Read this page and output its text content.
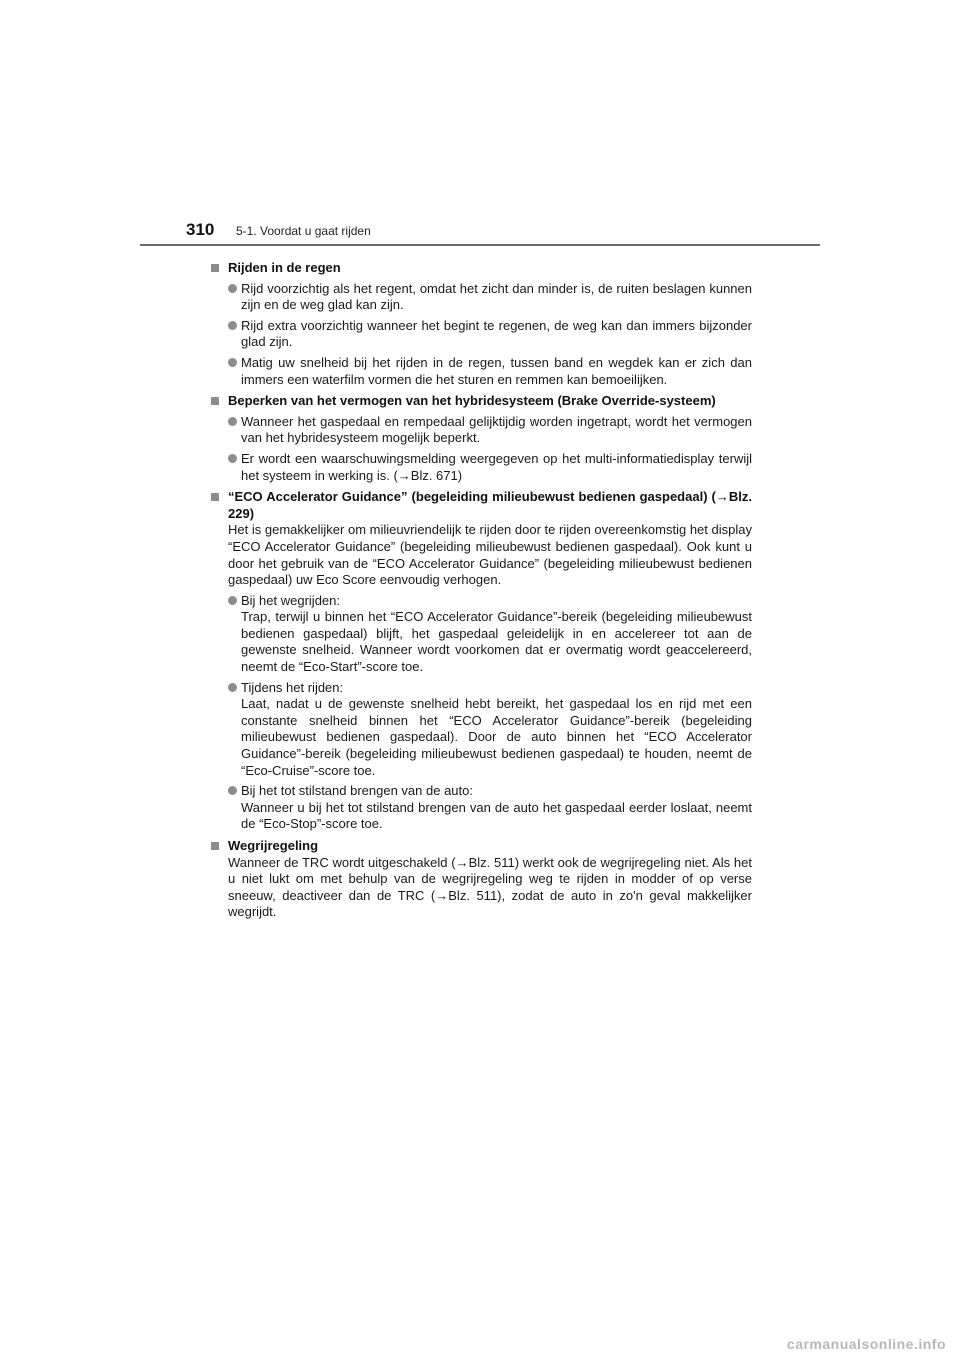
310 5-1. Voordat u gaat rijden
Rijden in de regen
Rijd voorzichtig als het regent, omdat het zicht dan minder is, de ruiten beslagen kunnen zijn en de weg glad kan zijn.
Rijd extra voorzichtig wanneer het begint te regenen, de weg kan dan immers bijzonder glad zijn.
Matig uw snelheid bij het rijden in de regen, tussen band en wegdek kan er zich dan immers een waterfilm vormen die het sturen en remmen kan bemoeilijken.
Beperken van het vermogen van het hybridesysteem (Brake Override-systeem)
Wanneer het gaspedaal en rempedaal gelijktijdig worden ingetrapt, wordt het vermogen van het hybridesysteem mogelijk beperkt.
Er wordt een waarschuwingsmelding weergegeven op het multi-informatiedisplay terwijl het systeem in werking is. (→Blz. 671)
“ECO Accelerator Guidance” (begeleiding milieubewust bedienen gaspedaal) (→Blz. 229)
Het is gemakkelijker om milieuvriendelijk te rijden door te rijden overeenkomstig het display “ECO Accelerator Guidance” (begeleiding milieubewust bedienen gaspedaal). Ook kunt u door het gebruik van de “ECO Accelerator Guidance” (begeleiding milieubewust bedienen gaspedaal) uw Eco Score eenvoudig verhogen.
Bij het wegrijden:
Trap, terwijl u binnen het “ECO Accelerator Guidance”-bereik (begeleiding milieubewust bedienen gaspedaal) blijft, het gaspedaal geleidelijk in en accelereer tot aan de gewenste snelheid. Wanneer wordt voorkomen dat er overmatig wordt geaccelereerd, neemt de “Eco-Start”-score toe.
Tijdens het rijden:
Laat, nadat u de gewenste snelheid hebt bereikt, het gaspedaal los en rijd met een constante snelheid binnen het “ECO Accelerator Guidance”-bereik (begeleiding milieubewust bedienen gaspedaal). Door de auto binnen het “ECO Accelerator Guidance”-bereik (begeleiding milieubewust bedienen gaspedaal) te houden, neemt de “Eco-Cruise”-score toe.
Bij het tot stilstand brengen van de auto:
Wanneer u bij het tot stilstand brengen van de auto het gaspedaal eerder loslaat, neemt de “Eco-Stop”-score toe.
Wegrijregeling
Wanneer de TRC wordt uitgeschakeld (→Blz. 511) werkt ook de wegrijregeling niet. Als het u niet lukt om met behulp van de wegrijregeling weg te rijden in modder of op verse sneeuw, deactiveer dan de TRC (→Blz. 511), zodat de auto in zo'n geval makkelijker wegrijdt.
carmanualsonline.info
